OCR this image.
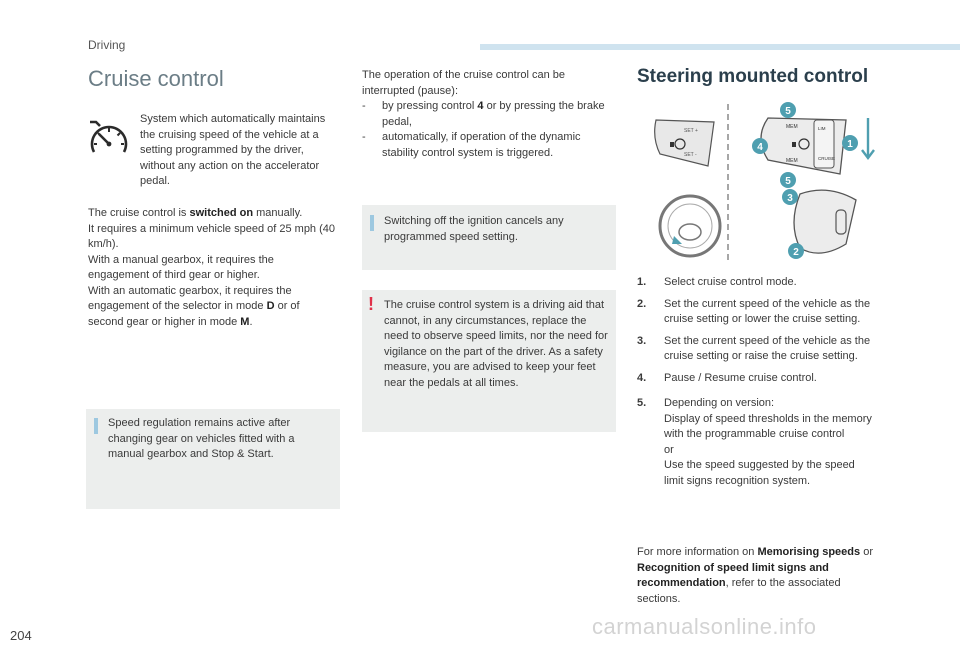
Driving
Cruise control
System which automatically maintains the cruising speed of the vehicle at a setting programmed by the driver, without any action on the accelerator pedal.
The cruise control is switched on manually.
It requires a minimum vehicle speed of 25 mph (40 km/h).
With a manual gearbox, it requires the engagement of third gear or higher.
With an automatic gearbox, it requires the engagement of the selector in mode D or of second gear or higher in mode M.
Speed regulation remains active after changing gear on vehicles fitted with a manual gearbox and Stop & Start.
The operation of the cruise control can be interrupted (pause):
- by pressing control 4 or by pressing the brake pedal,
- automatically, if operation of the dynamic stability control system is triggered.
Switching off the ignition cancels any programmed speed setting.
! The cruise control system is a driving aid that cannot, in any circumstances, replace the need to observe speed limits, nor the need for vigilance on the part of the driver. As a safety measure, you are advised to keep your feet near the pedals at all times.
Steering mounted control
SET +
SET -
MEM
MEM	CRUISE
LIM
5
1
4
5
3
2
1. Select cruise control mode.
2. Set the current speed of the vehicle as the cruise setting or lower the cruise setting.
3. Set the current speed of the vehicle as the cruise setting or raise the cruise setting.
4. Pause / Resume cruise control.
5. Depending on version:
Display of speed thresholds in the memory with the programmable cruise control
or
Use the speed suggested by the speed limit signs recognition system.
For more information on Memorising speeds or Recognition of speed limit signs and recommendation, refer to the associated sections.
204	carmanualsonline.info
